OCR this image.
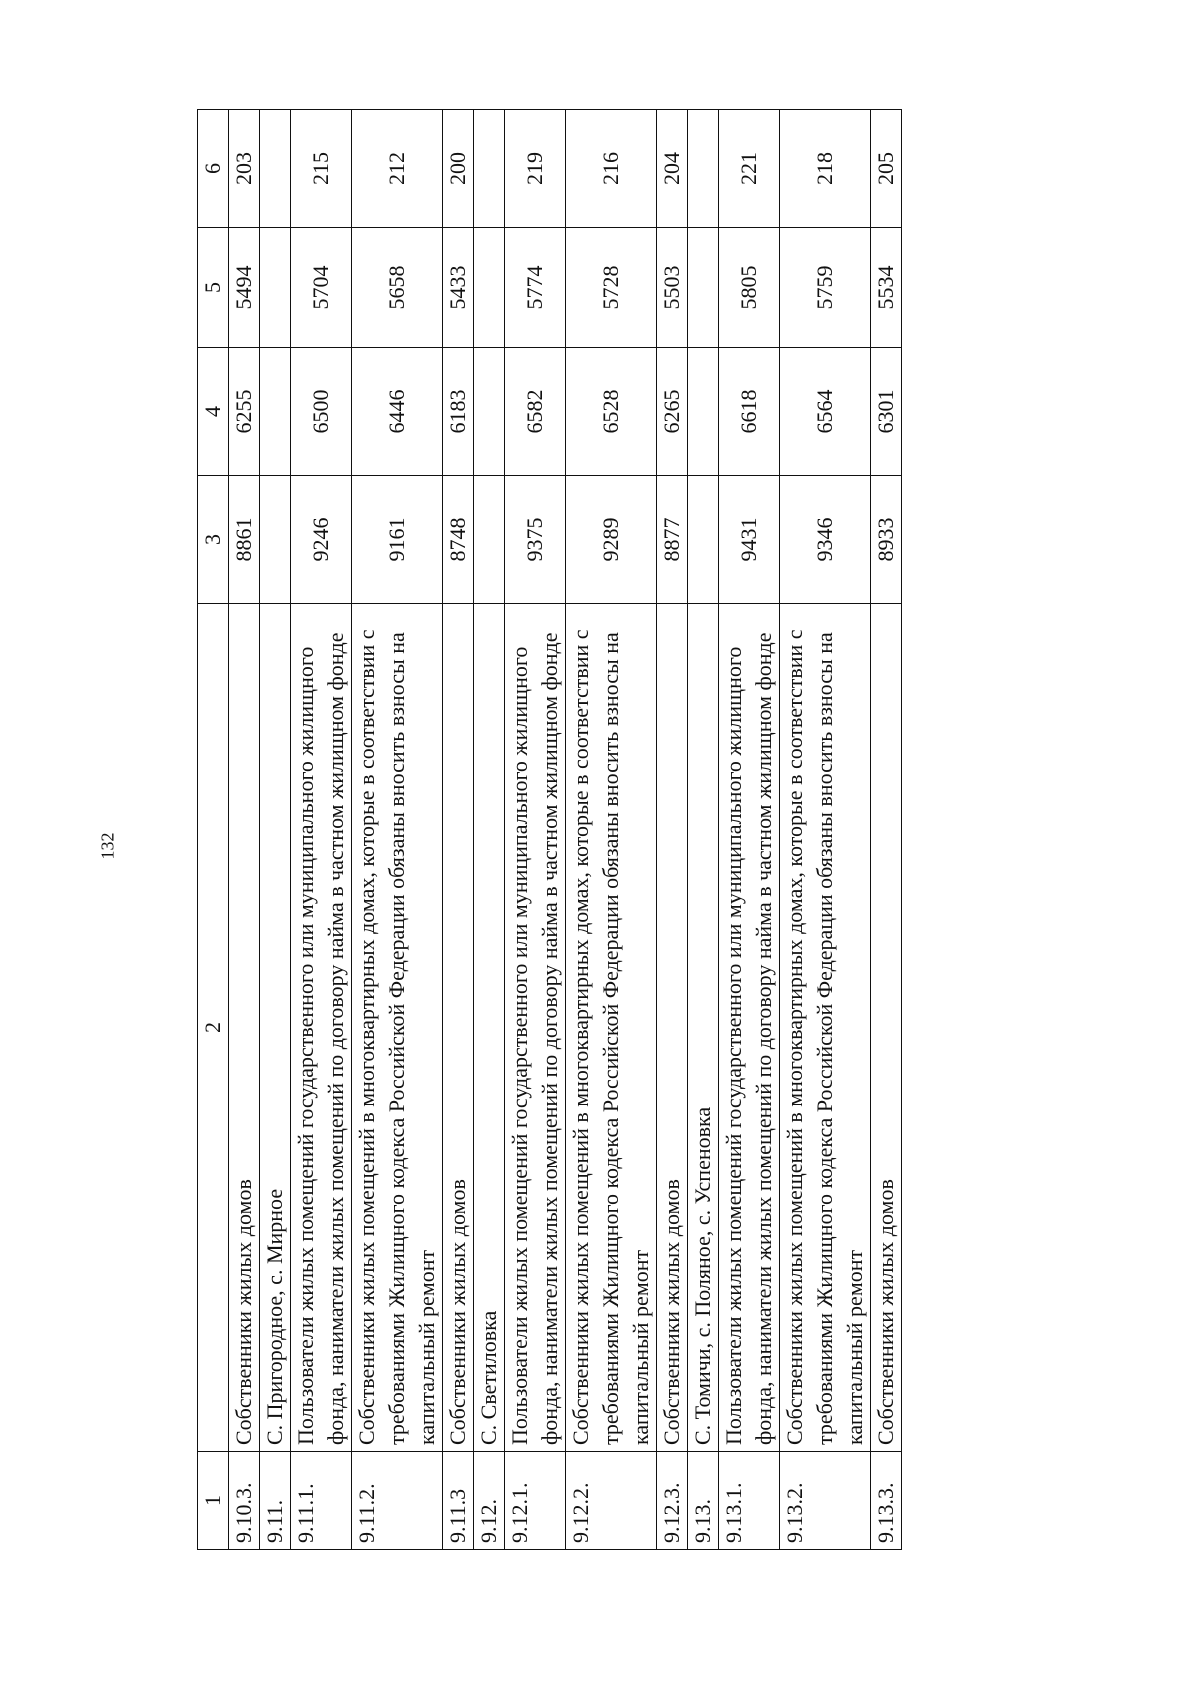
132
1	2	3	4	5	6
9.10.3.	Собственники жилых домов	8861	6255	5494	203
9.11.	С. Пригородное, с. Мирное				
9.11.1.	Пользователи жилых помещений государственного или муниципального жилищного фонда, наниматели жилых помещений по договору найма в частном жилищном фонде	9246	6500	5704	215
9.11.2.	Собственники жилых помещений в многоквартирных домах, которые в соответствии с требованиями Жилищного кодекса Российской Федерации обязаны вносить взносы на капитальный ремонт	9161	6446	5658	212
9.11.3	Собственники жилых домов	8748	6183	5433	200
9.12.	С. Светиловка				
9.12.1.	Пользователи жилых помещений государственного или муниципального жилищного фонда, наниматели жилых помещений по договору найма в частном жилищном фонде	9375	6582	5774	219
9.12.2.	Собственники жилых помещений в многоквартирных домах, которые в соответствии с требованиями Жилищного кодекса Российской Федерации обязаны вносить взносы на капитальный ремонт	9289	6528	5728	216
9.12.3.	Собственники жилых домов	8877	6265	5503	204
9.13.	С. Томичи, с. Поляное, с. Успеновка				
9.13.1.	Пользователи жилых помещений государственного или муниципального жилищного фонда, наниматели жилых помещений по договору найма в частном жилищном фонде	9431	6618	5805	221
9.13.2.	Собственники жилых помещений в многоквартирных домах, которые в соответствии с требованиями Жилищного кодекса Российской Федерации обязаны вносить взносы на капитальный ремонт	9346	6564	5759	218
9.13.3.	Собственники жилых домов	8933	6301	5534	205
